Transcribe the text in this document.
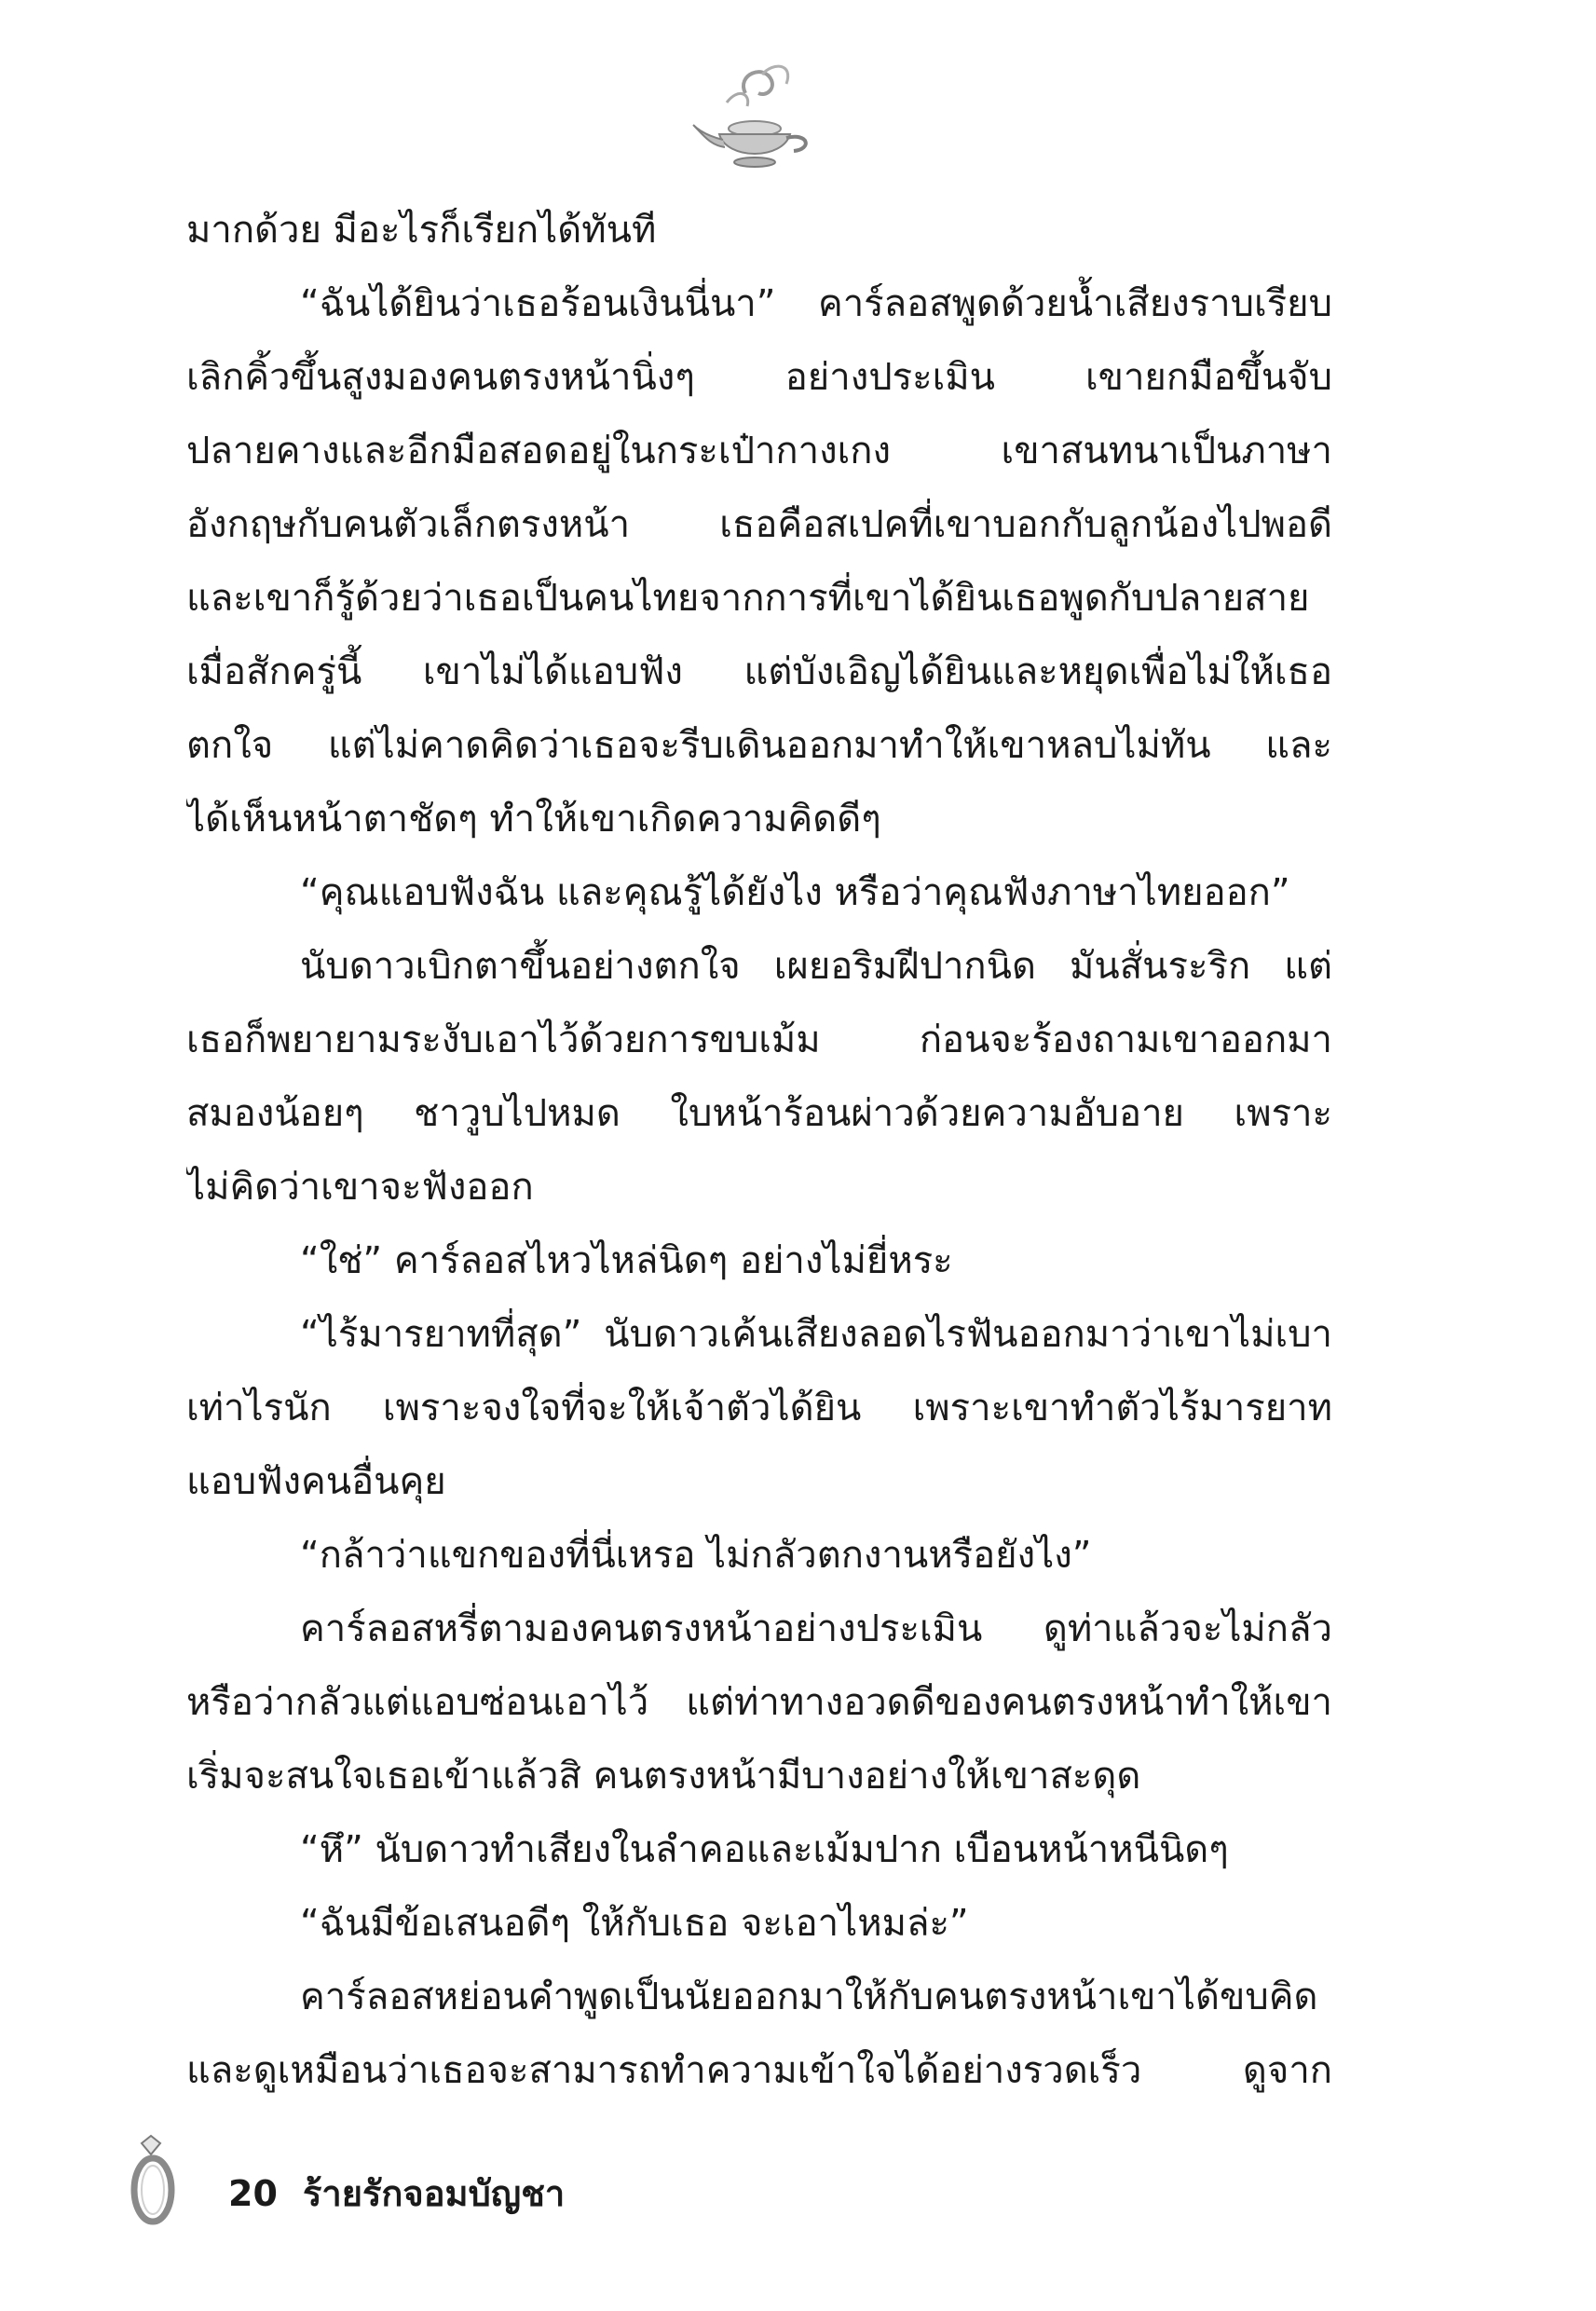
มากด้วย มีอะไรก็เรียกได้ทันที
“ฉันได้ยินว่าเธอร้อนเงินนี่นา” คาร์ลอสพูดด้วยน้ำเสียงราบเรียบ
เลิกคิ้วขึ้นสูงมองคนตรงหน้านิ่งๆ อย่างประเมิน เขายกมือขึ้นจับ
ปลายคางและอีกมือสอดอยู่ในกระเป๋ากางเกง เขาสนทนาเป็นภาษา
อังกฤษกับคนตัวเล็กตรงหน้า เธอคือสเปคที่เขาบอกกับลูกน้องไปพอดี
และเขาก็รู้ด้วยว่าเธอเป็นคนไทยจากการที่เขาได้ยินเธอพูดกับปลายสาย
เมื่อสักครู่นี้ เขาไม่ได้แอบฟัง แต่บังเอิญได้ยินและหยุดเพื่อไม่ให้เธอ
ตกใจ แต่ไม่คาดคิดว่าเธอจะรีบเดินออกมาทำให้เขาหลบไม่ทัน และ
ได้เห็นหน้าตาชัดๆ ทำให้เขาเกิดความคิดดีๆ
“คุณแอบฟังฉัน และคุณรู้ได้ยังไง หรือว่าคุณฟังภาษาไทยออก”
นับดาวเบิกตาขึ้นอย่างตกใจ เผยอริมฝีปากนิด มันสั่นระริก แต่
เธอก็พยายามระงับเอาไว้ด้วยการขบเม้ม ก่อนจะร้องถามเขาออกมา
สมองน้อยๆ ชาวูบไปหมด ใบหน้าร้อนผ่าวด้วยความอับอาย เพราะ
ไม่คิดว่าเขาจะฟังออก
“ใช่” คาร์ลอสไหวไหล่นิดๆ อย่างไม่ยี่หระ
“ไร้มารยาทที่สุด” นับดาวเค้นเสียงลอดไรฟันออกมาว่าเขาไม่เบา
เท่าไรนัก เพราะจงใจที่จะให้เจ้าตัวได้ยิน เพราะเขาทำตัวไร้มารยาท
แอบฟังคนอื่นคุย
“กล้าว่าแขกของที่นี่เหรอ ไม่กลัวตกงานหรือยังไง”
คาร์ลอสหรี่ตามองคนตรงหน้าอย่างประเมิน ดูท่าแล้วจะไม่กลัว
หรือว่ากลัวแต่แอบซ่อนเอาไว้ แต่ท่าทางอวดดีของคนตรงหน้าทำให้เขา
เริ่มจะสนใจเธอเข้าแล้วสิ คนตรงหน้ามีบางอย่างให้เขาสะดุด
“หึ” นับดาวทำเสียงในลำคอและเม้มปาก เบือนหน้าหนีนิดๆ
“ฉันมีข้อเสนอดีๆ ให้กับเธอ จะเอาไหมล่ะ”
คาร์ลอสหย่อนคำพูดเป็นนัยออกมาให้กับคนตรงหน้าเขาได้ขบคิด
และดูเหมือนว่าเธอจะสามารถทำความเข้าใจได้อย่างรวดเร็ว ดูจาก
20 ร้ายรักจอมบัญชา
